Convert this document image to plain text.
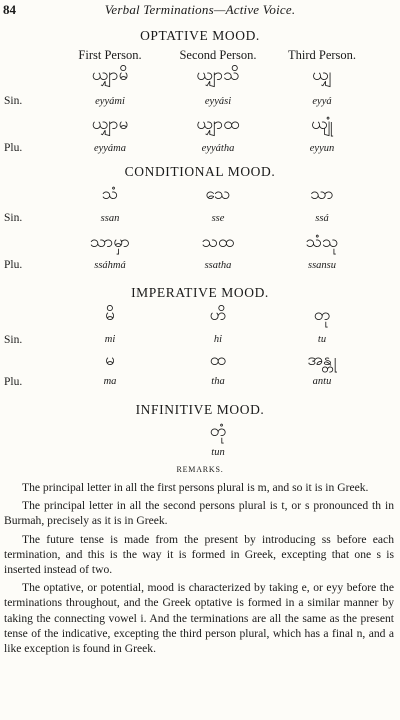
84	Verbal Terminations—Active Voice.
OPTATIVE MOOD.
First Person.	Second Person.	Third Person.
ယျှာမိ	ယျှာသိ	ယျှ
Sin.	eyyámi	eyyási	eyyá
ယျှာမ	ယျှာထ	ယျုံ
Plu.	eyyáma	eyyátha	eyyun
CONDITIONAL MOOD.
သံ	သေ	သာ
Sin.	ssan	sse	ssá
သာမှာ	သထ	သံသု
Plu.	ssáhmá	ssatha	ssansu
IMPERATIVE MOOD.
မိ	ဟိ	တု
Sin.	mi	hi	tu
မ	ထ	အန္တု
Plu.	ma	tha	antu
INFINITIVE MOOD.
တုံ
tun
REMARKS.

The principal letter in all the first persons plural is m, and so it is in Greek.

The principal letter in all the second persons plural is t, or s pronounced th in Burmah, precisely as it is in Greek.

The future tense is made from the present by introducing ss before each termination, and this is the way it is formed in Greek, excepting that one s is inserted instead of two.

The optative, or potential, mood is characterized by taking e, or eyy before the terminations throughout, and the Greek optative is formed in a similar manner by taking the connecting vowel i. And the terminations are all the same as the present tense of the indicative, excepting the third person plural, which has a final n, and a like exception is found in Greek.
